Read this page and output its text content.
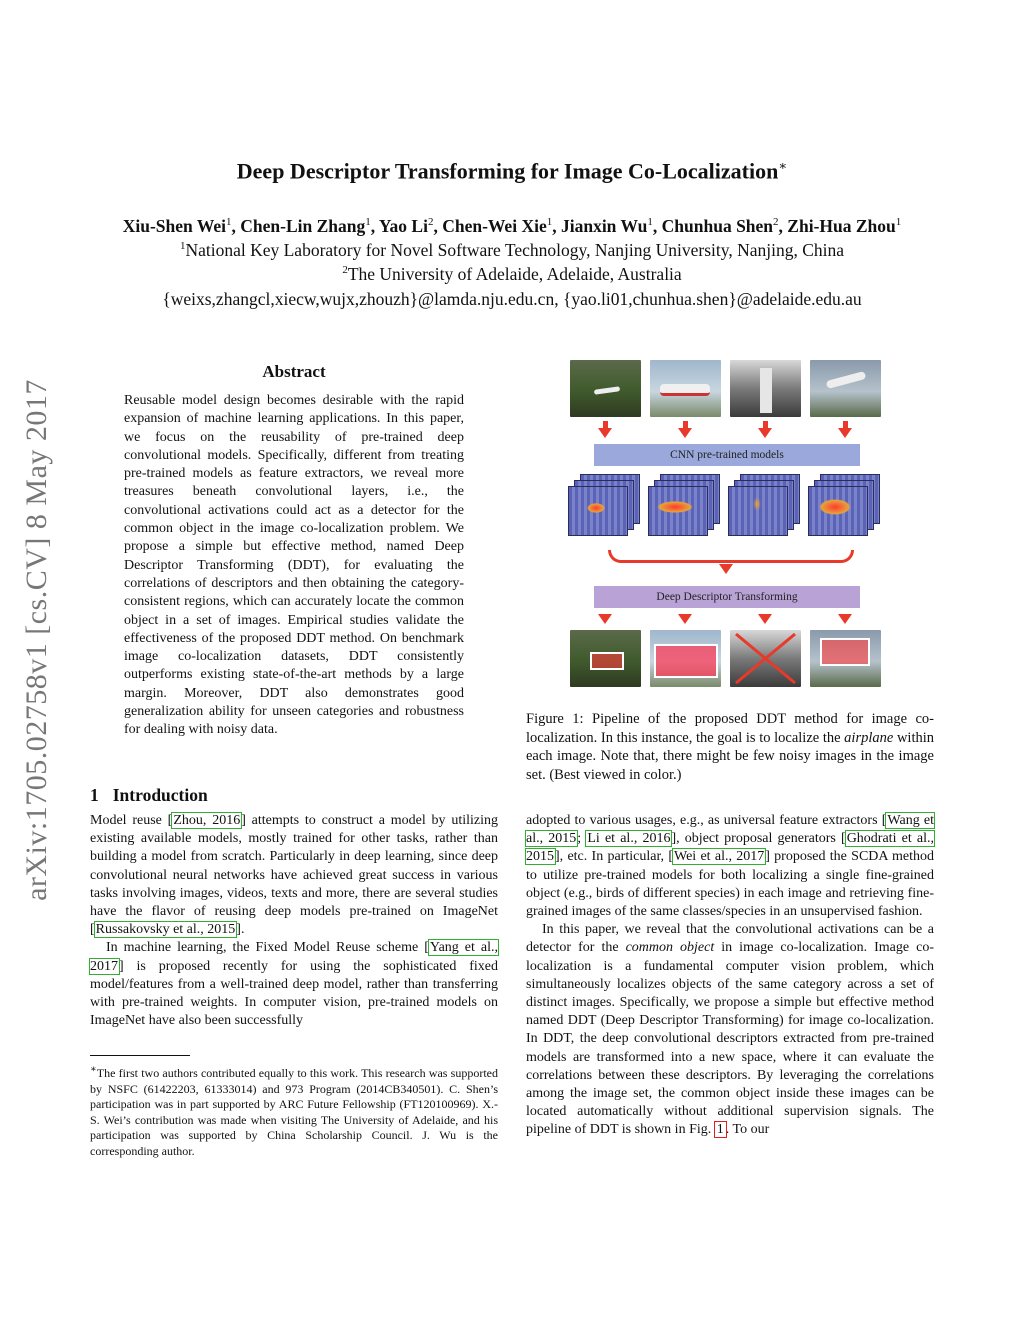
Deep Descriptor Transforming for Image Co-Localization∗
Xiu-Shen Wei$^1$, Chen-Lin Zhang$^1$, Yao Li$^2$, Chen-Wei Xie$^1$, Jianxin Wu$^1$, Chunhua Shen$^2$, Zhi-Hua Zhou$^1$
$^1$National Key Laboratory for Novel Software Technology, Nanjing University, Nanjing, China
$^2$The University of Adelaide, Adelaide, Australia
{weixs,zhangcl,xiecw,wujx,zhouzh}@lamda.nju.edu.cn, {yao.li01,chunhua.shen}@adelaide.edu.au
arXiv:1705.02758v1 [cs.CV] 8 May 2017
Abstract
Reusable model design becomes desirable with the rapid expansion of machine learning applications. In this paper, we focus on the reusability of pre-trained deep convolutional models. Specifically, different from treating pre-trained models as feature extractors, we reveal more treasures beneath convolutional layers, i.e., the convolutional activations could act as a detector for the common object in the image co-localization problem. We propose a simple but effective method, named Deep Descriptor Transforming (DDT), for evaluating the correlations of descriptors and then obtaining the category-consistent regions, which can accurately locate the common object in a set of images. Empirical studies validate the effectiveness of the proposed DDT method. On benchmark image co-localization datasets, DDT consistently outperforms existing state-of-the-art methods by a large margin. Moreover, DDT also demonstrates good generalization ability for unseen categories and robustness for dealing with noisy data.
1 Introduction
Model reuse [Zhou, 2016] attempts to construct a model by utilizing existing available models, mostly trained for other tasks, rather than building a model from scratch. Particularly in deep learning, since deep convolutional neural networks have achieved great success in various tasks involving images, videos, texts and more, there are several studies have the flavor of reusing deep models pre-trained on ImageNet [Russakovsky et al., 2015].
In machine learning, the Fixed Model Reuse scheme [Yang et al., 2017] is proposed recently for using the sophisticated fixed model/features from a well-trained deep model, rather than transferring with pre-trained weights. In computer vision, pre-trained models on ImageNet have also been successfully
∗The first two authors contributed equally to this work. This research was supported by NSFC (61422203, 61333014) and 973 Program (2014CB340501). C. Shen’s participation was in part supported by ARC Future Fellowship (FT120100969). X.-S. Wei’s contribution was made when visiting The University of Adelaide, and his participation was supported by China Scholarship Council. J. Wu is the corresponding author.
adopted to various usages, e.g., as universal feature extractors [Wang et al., 2015; Li et al., 2016], object proposal generators [Ghodrati et al., 2015], etc. In particular, [Wei et al., 2017] proposed the SCDA method to utilize pre-trained models for both localizing a single fine-grained object (e.g., birds of different species) in each image and retrieving fine-grained images of the same classes/species in an unsupervised fashion.
In this paper, we reveal that the convolutional activations can be a detector for the common object in image co-localization. Image co-localization is a fundamental computer vision problem, which simultaneously localizes objects of the same category across a set of distinct images. Specifically, we propose a simple but effective method named DDT (Deep Descriptor Transforming) for image co-localization. In DDT, the deep convolutional descriptors extracted from pre-trained models are transformed into a new space, where it can evaluate the correlations between these descriptors. By leveraging the correlations among the image set, the common object inside these images can be located automatically without additional supervision signals. The pipeline of DDT is shown in Fig. 1 . To our
CNN pre-trained models
Deep Descriptor Transforming
Figure 1: Pipeline of the proposed DDT method for image co-localization. In this instance, the goal is to localize the airplane within each image. Note that, there might be few noisy images in the image set. (Best viewed in color.)
